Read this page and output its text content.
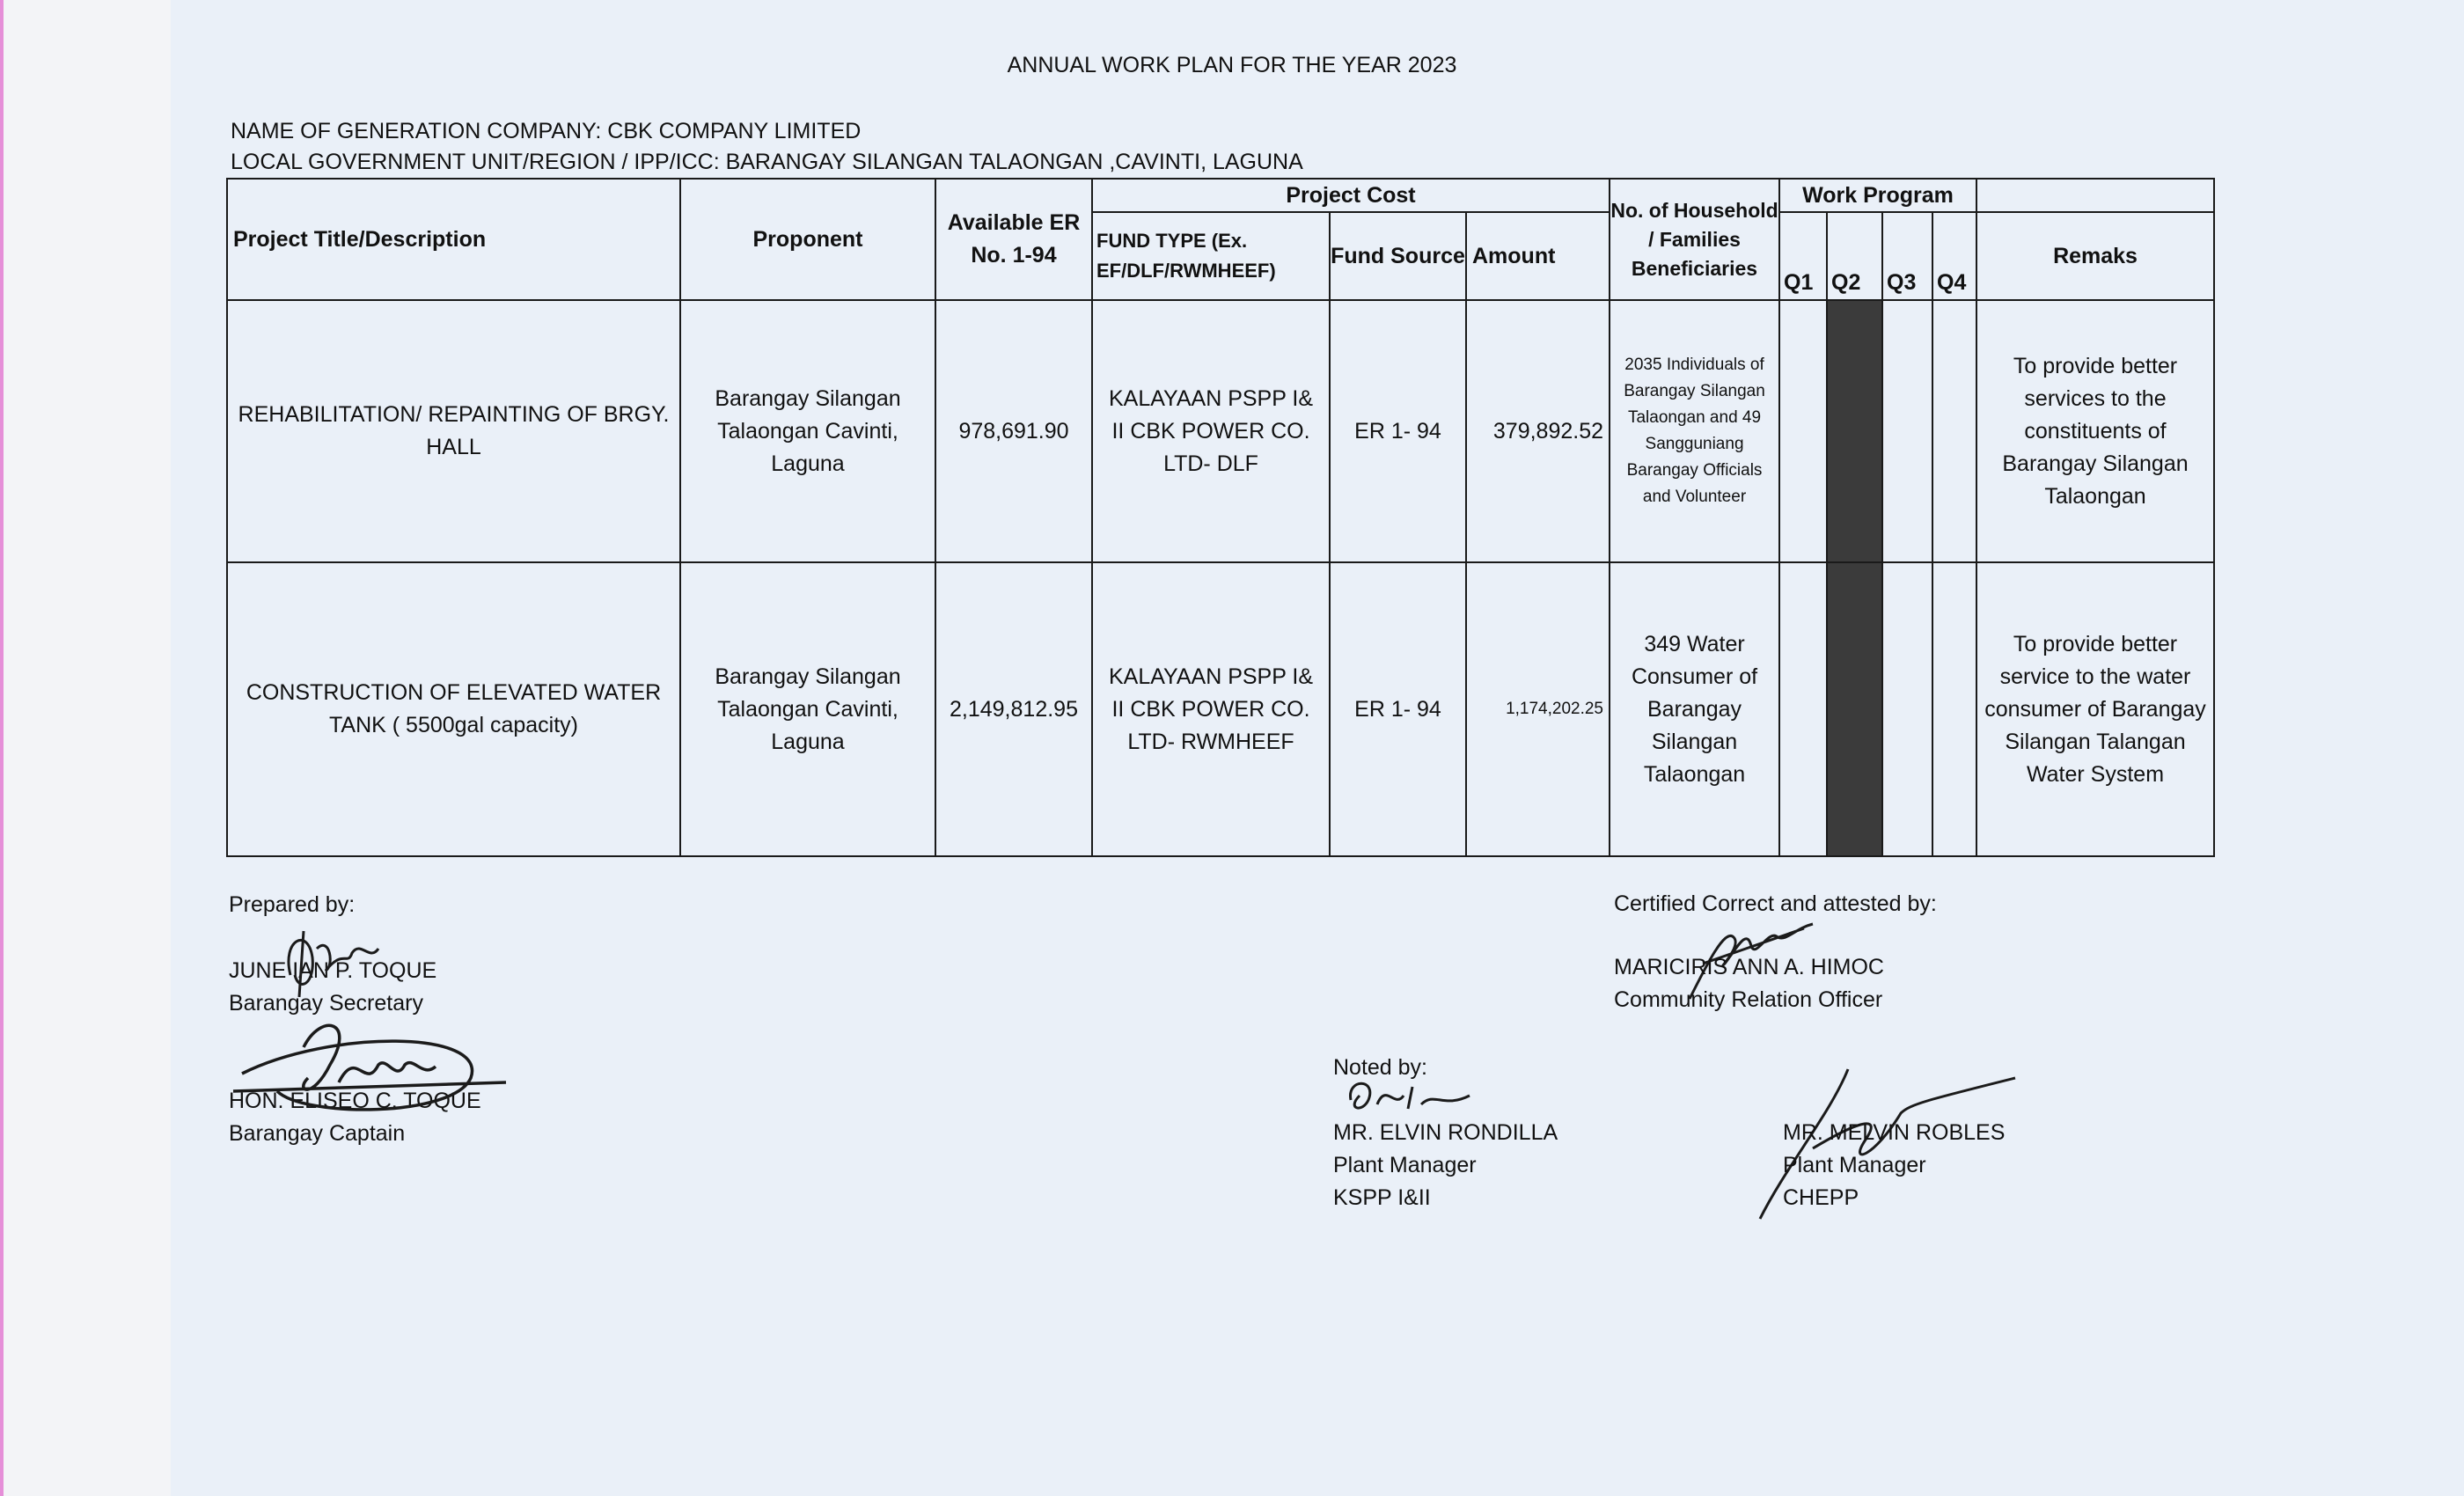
ANNUAL WORK PLAN FOR THE YEAR 2023
NAME OF GENERATION COMPANY: CBK COMPANY LIMITED
LOCAL GOVERNMENT UNIT/REGION / IPP/ICC: BARANGAY SILANGAN TALAONGAN ,CAVINTI, LAGUNA
Project Title/Description	Proponent	Available ER No. 1-94	Project Cost			No. of Household / Families Beneficiaries	Work Program				
			FUND TYPE (Ex. EF/DLF/RWMHEEF)	Fund Source	Amount		Q1	Q2	Q3	Q4	Remaks
REHABILITATION/ REPAINTING OF BRGY. HALL	Barangay Silangan Talaongan Cavinti, Laguna	978,691.90	KALAYAAN PSPP I& II CBK POWER CO. LTD- DLF	ER 1- 94	379,892.52	2035 Individuals of Barangay Silangan Talaongan and 49 Sangguniang Barangay Officials and Volunteer					To provide better services to the constituents of Barangay Silangan Talaongan
CONSTRUCTION OF ELEVATED WATER TANK ( 5500gal capacity)	Barangay Silangan Talaongan Cavinti, Laguna	2,149,812.95	KALAYAAN PSPP I& II CBK POWER CO. LTD- RWMHEEF	ER 1- 94	1,174,202.25	349 Water Consumer of Barangay Silangan Talaongan					To provide better service to the water consumer of Barangay Silangan Talangan Water System
Prepared by:
JUNE IAN P. TOQUE
Barangay Secretary
HON. ELISEO C. TOQUE
Barangay Captain
Noted by:
MR. ELVIN RONDILLA
Plant Manager
KSPP I&II
Certified Correct and attested by:
MARICIRIS ANN A. HIMOC
Community Relation Officer
MR. MELVIN ROBLES
Plant Manager
CHEPP
